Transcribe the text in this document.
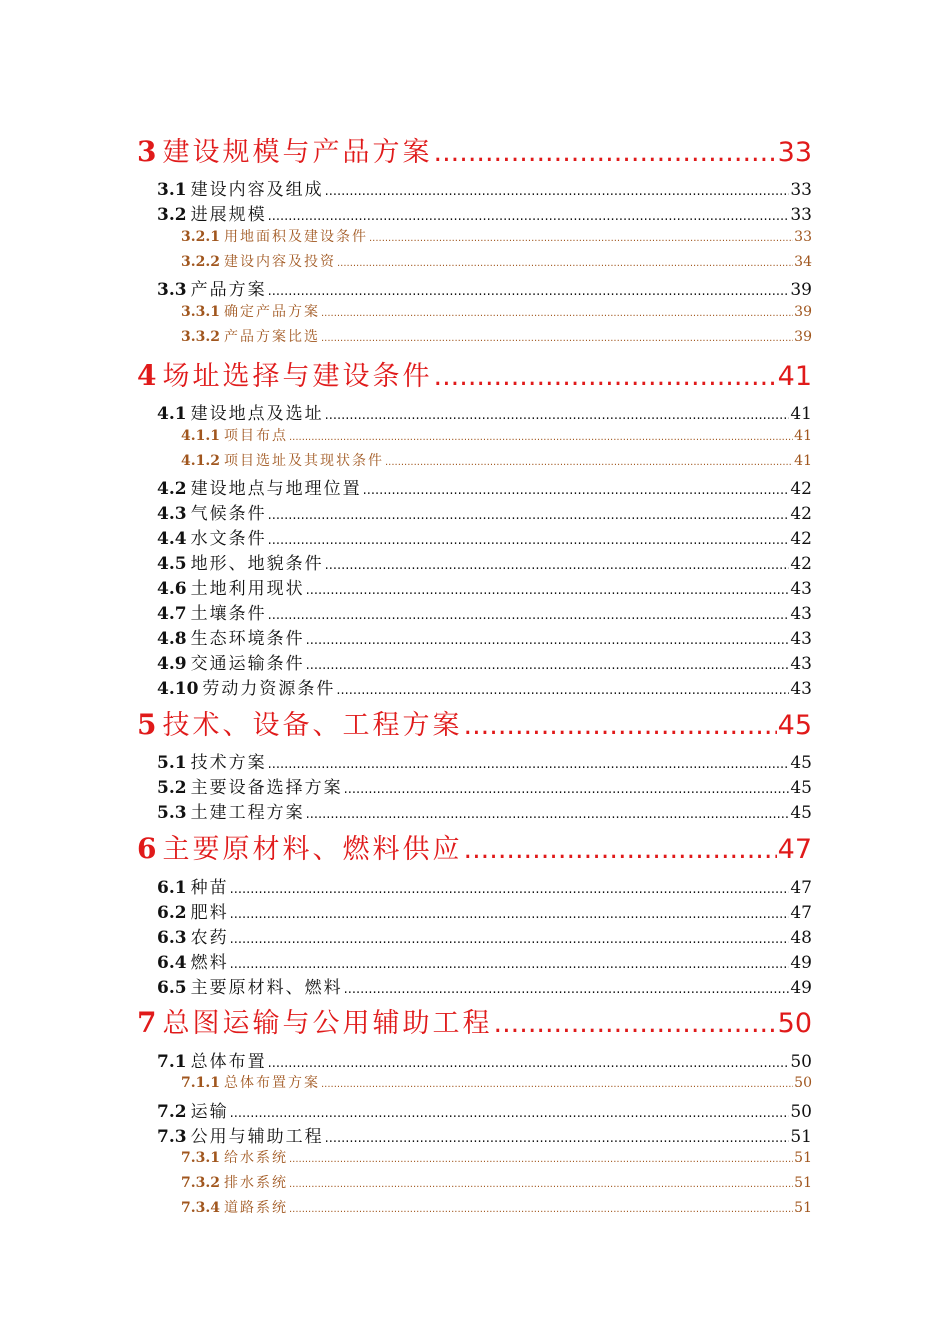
3 建设规模与产品方案 .....	33
3.1 建设内容及组成 .....	33
3.2 进展规模 .....	33
3.2.1 用地面积及建设条件 .....	33
3.2.2 建设内容及投资 .....	34
3.3 产品方案 .....	39
3.3.1 确定产品方案 .....	39
3.3.2 产品方案比选 .....	39
4 场址选择与建设条件 .....	41
4.1 建设地点及选址 .....	41
4.1.1 项目布点 .....	41
4.1.2 项目选址及其现状条件 .....	41
4.2 建设地点与地理位置 .....	42
4.3 气候条件 .....	42
4.4 水文条件 .....	42
4.5 地形、地貌条件 .....	42
4.6 土地利用现状 .....	43
4.7 土壤条件 .....	43
4.8 生态环境条件 .....	43
4.9 交通运输条件 .....	43
4.10 劳动力资源条件 .....	43
5 技术、设备、工程方案 .....	45
5.1 技术方案 .....	45
5.2 主要设备选择方案 .....	45
5.3 土建工程方案 .....	45
6 主要原材料、燃料供应 .....	47
6.1 种苗 .....	47
6.2 肥料 .....	47
6.3 农药 .....	48
6.4 燃料 .....	49
6.5 主要原材料、燃料 .....	49
7 总图运输与公用辅助工程 .....	50
7.1 总体布置 .....	50
7.1.1 总体布置方案 .....	50
7.2 运输 .....	50
7.3 公用与辅助工程 .....	51
7.3.1 给水系统 .....	51
7.3.2 排水系统 .....	51
7.3.4 道路系统 .....	51
